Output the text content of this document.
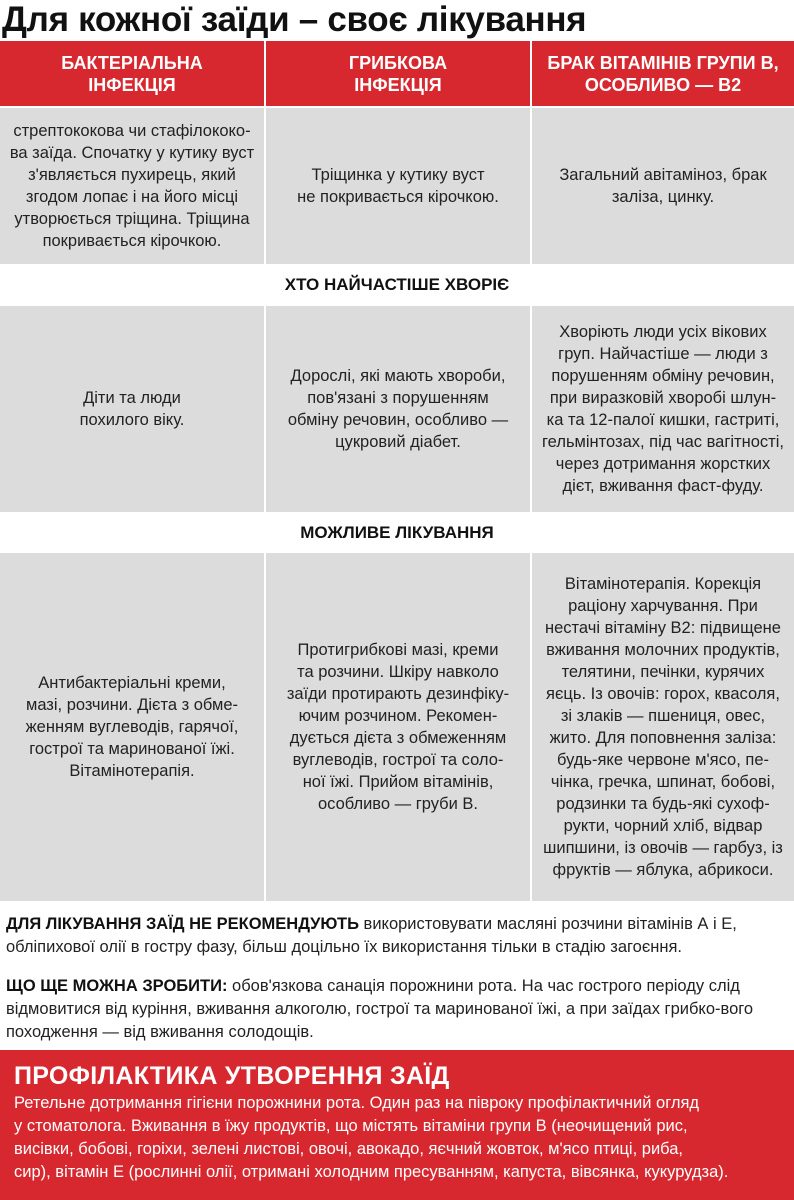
Для кожної заїди – своє лікування
БАКТЕРІАЛЬНА
ІНФЕКЦІЯ
ГРИБКОВА
ІНФЕКЦІЯ
БРАК ВІТАМІНІВ ГРУПИ В,
ОСОБЛИВО — В2
стрептококова чи стафілококо-
ва заїда. Спочатку у кутику вуст
з'являється пухирець, який
згодом лопає і на його місці
утворюється тріщина. Тріщина
покривається кірочкою.
Тріщинка у кутику вуст
не покривається кірочкою.
Загальний авітаміноз, брак
заліза, цинку.
ХТО НАЙЧАСТІШЕ ХВОРІЄ
Діти та люди
похилого віку.
Дорослі, які мають хвороби,
пов'язані з порушенням
обміну речовин, особливо —
цукровий діабет.
Хворіють люди усіх вікових
груп. Найчастіше — люди з
порушенням обміну речовин,
при виразковій хворобі шлун-
ка та 12-палої кишки, гастриті,
гельмінтозах, під час вагітності,
через дотримання жорстких
дієт, вживання фаст-фуду.
МОЖЛИВЕ ЛІКУВАННЯ
Антибактеріальні креми,
мазі, розчини. Дієта з обме-
женням вуглеводів, гарячої,
гострої та маринованої їжі.
Вітамінотерапія.
Протигрибкові мазі, креми
та розчини. Шкіру навколо
заїди протирають дезинфіку-
ючим розчином. Рекомен-
дується дієта з обмеженням
вуглеводів, гострої та соло-
ної їжі. Прийом вітамінів,
особливо — груби В.
Вітамінотерапія. Корекція
раціону харчування. При
нестачі вітаміну В2: підвищене
вживання молочних продуктів,
телятини, печінки, курячих
яєць. Із овочів: горох, квасоля,
зі злаків — пшениця, овес,
жито. Для поповнення заліза:
будь-яке червоне м'ясо, пе-
чінка, гречка, шпинат, бобові,
родзинки та будь-які сухоф-
рукти, чорний хліб, відвар
шипшини, із овочів — гарбуз, із
фруктів — яблука, абрикоси.
ДЛЯ ЛІКУВАННЯ ЗАЇД НЕ РЕКОМЕНДУЮТЬ використовувати масляні розчини вітамінів А і Е, обліпихової олії в гостру фазу, більш доцільно їх використання тільки в стадію загоєння.
ЩО ЩЕ МОЖНА ЗРОБИТИ: обов'язкова санація порожнини рота. На час гострого періоду слід відмовитися від куріння, вживання алкоголю, гострої та маринованої їжі, а при заїдах грибко-вого походження — від вживання солодощів.
ПРОФІЛАКТИКА УТВОРЕННЯ ЗАЇД
Ретельне дотримання гігієни порожнини рота. Один раз на півроку профілактичний огляд
у стоматолога. Вживання в їжу продуктів, що містять вітаміни групи В (неочищений рис,
висівки, бобові, горіхи, зелені листові, овочі, авокадо, яєчний жовток, м'ясо птиці, риба,
сир), вітамін Е (рослинні олії, отримані холодним пресуванням, капуста, вівсянка, кукурудза).
